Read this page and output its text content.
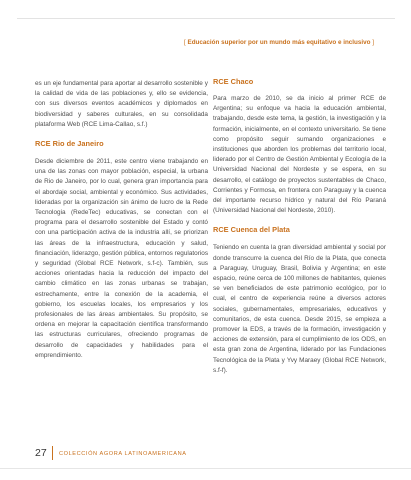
[ Educación superior por un mundo más equitativo e inclusivo ]

es un eje fundamental para aportar al desarrollo sostenible y la calidad de vida de las poblaciones y, ello se evidencia, con sus diversos eventos académicos y diplomados en biodiversidad y saberes culturales, en su consolidada plataforma Web (RCE Lima-Callao, s.f.)

RCE Rio de Janeiro

Desde diciembre de 2011, este centro viene trabajando en una de las zonas con mayor población, especial, la urbana de Rio de Janeiro, por lo cual, genera gran importancia para el abordaje social, ambiental y económico. Sus actividades, lideradas por la organización sin ánimo de lucro de la Rede Tecnologia (RedeTec) educativas, se conectan con el programa para el desarrollo sostenible del Estado y contó con una participación activa de la industria allí, se priorizan las áreas de la infraestructura, educación y salud, financiación, liderazgo, gestión pública, entornos regulatorios y seguridad (Global RCE Network, s.f-c). También, sus acciones orientadas hacia la reducción del impacto del cambio climático en las zonas urbanas se trabajan, estrechamente, entre la conexión de la academia, el gobierno, los escuelas locales, los empresarios y los profesionales de las áreas ambientales. Su propósito, se ordena en mejorar la capacitación científica transformando las estructuras curriculares, ofreciendo programas de desarrollo de capacidades y habilidades para el emprendimiento.

RCE Chaco

Para marzo de 2010, se da inicio al primer RCE de Argentina; su enfoque va hacia la educación ambiental, trabajando, desde este tema, la gestión, la investigación y la formación, inicialmente, en el contexto universitario. Se tiene como propósito seguir sumando organizaciones e instituciones que aborden los problemas del territorio local, liderado por el Centro de Gestión Ambiental y Ecología de la Universidad Nacional del Nordeste y se espera, en su desarrollo, el catálogo de proyectos sustentables de Chaco, Corrientes y Formosa, en frontera con Paraguay y la cuenca del importante recurso hídrico y natural del Río Paraná (Universidad Nacional del Nordeste, 2010).

RCE Cuenca del Plata

Teniendo en cuenta la gran diversidad ambiental y social por donde transcurre la cuenca del Río de la Plata, que conecta a Paraguay, Uruguay, Brasil, Bolivia y Argentina; en este espacio, reúne cerca de 100 millones de habitantes, quienes se ven beneficiados de este patrimonio ecológico, por lo cual, el centro de experiencia reúne a diversos actores sociales, gubernamentales, empresariales, educativos y comunitarios, de esta cuenca. Desde 2015, se empieza a promover la EDS, a través de la formación, investigación y acciones de extensión, para el cumplimiento de los ODS, en esta gran zona de Argentina, liderado por las Fundaciones Tecnológica de la Plata y Yvy Maraey (Global RCE Network, s.f-f).

27 COLECCIÓN AGORA LATINOAMERICANA
